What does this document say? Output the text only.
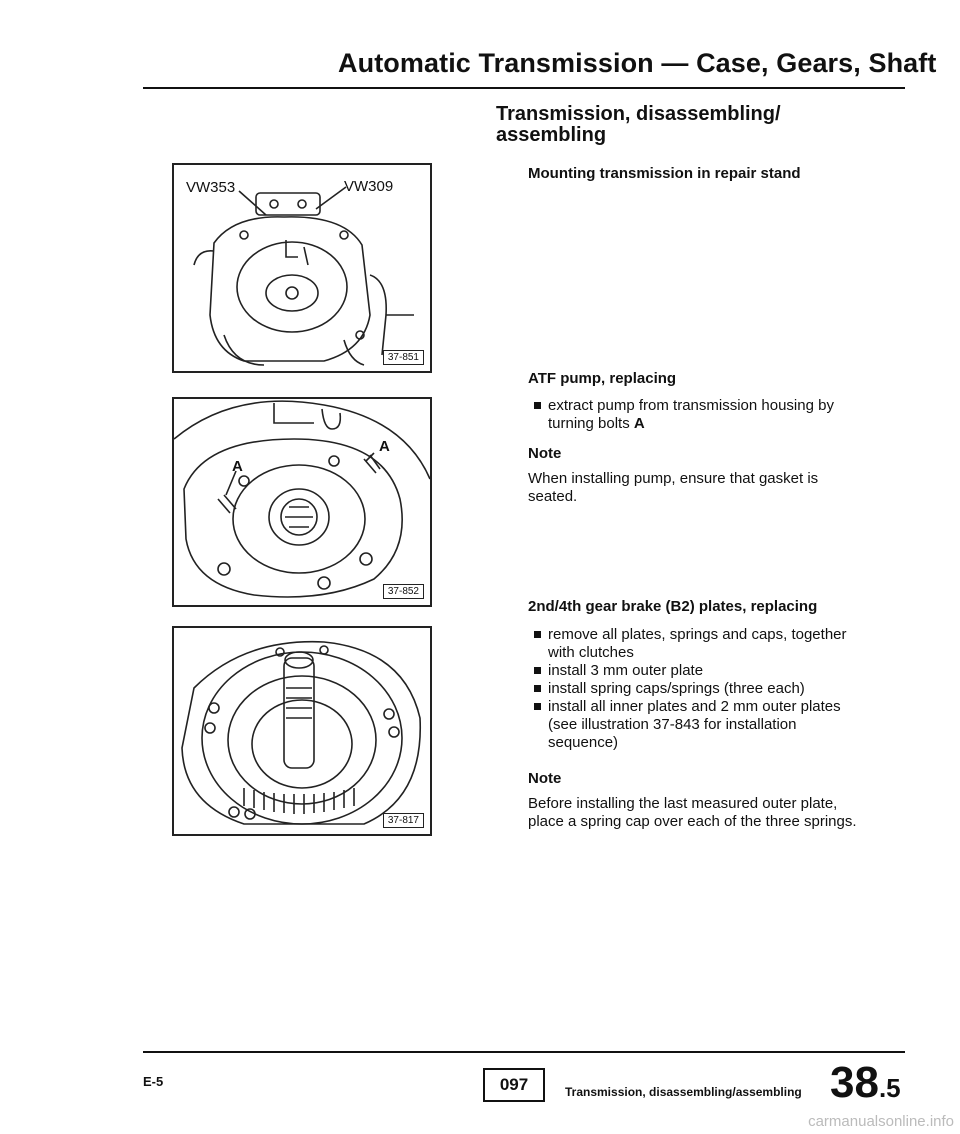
Automatic Transmission — Case, Gears, Shaft
Transmission, disassembling/
assembling
Mounting transmission in repair stand
ATF pump, replacing
extract pump from transmission housing by turning bolts A
Note
When installing pump, ensure that gasket is seated.
2nd/4th gear brake (B2) plates, replacing
remove all plates, springs and caps, together with clutches
install 3 mm outer plate
install spring caps/springs (three each)
install all inner plates and 2 mm outer plates (see illustration 37-843 for installation sequence)
Note
Before installing the last measured outer plate, place a spring cap over each of the three springs.
VW353	VW309
37-851
A
A
37-852
37-817
E-5	097	Transmission, disassembling/assembling 38.5
carmanualsonline.info
